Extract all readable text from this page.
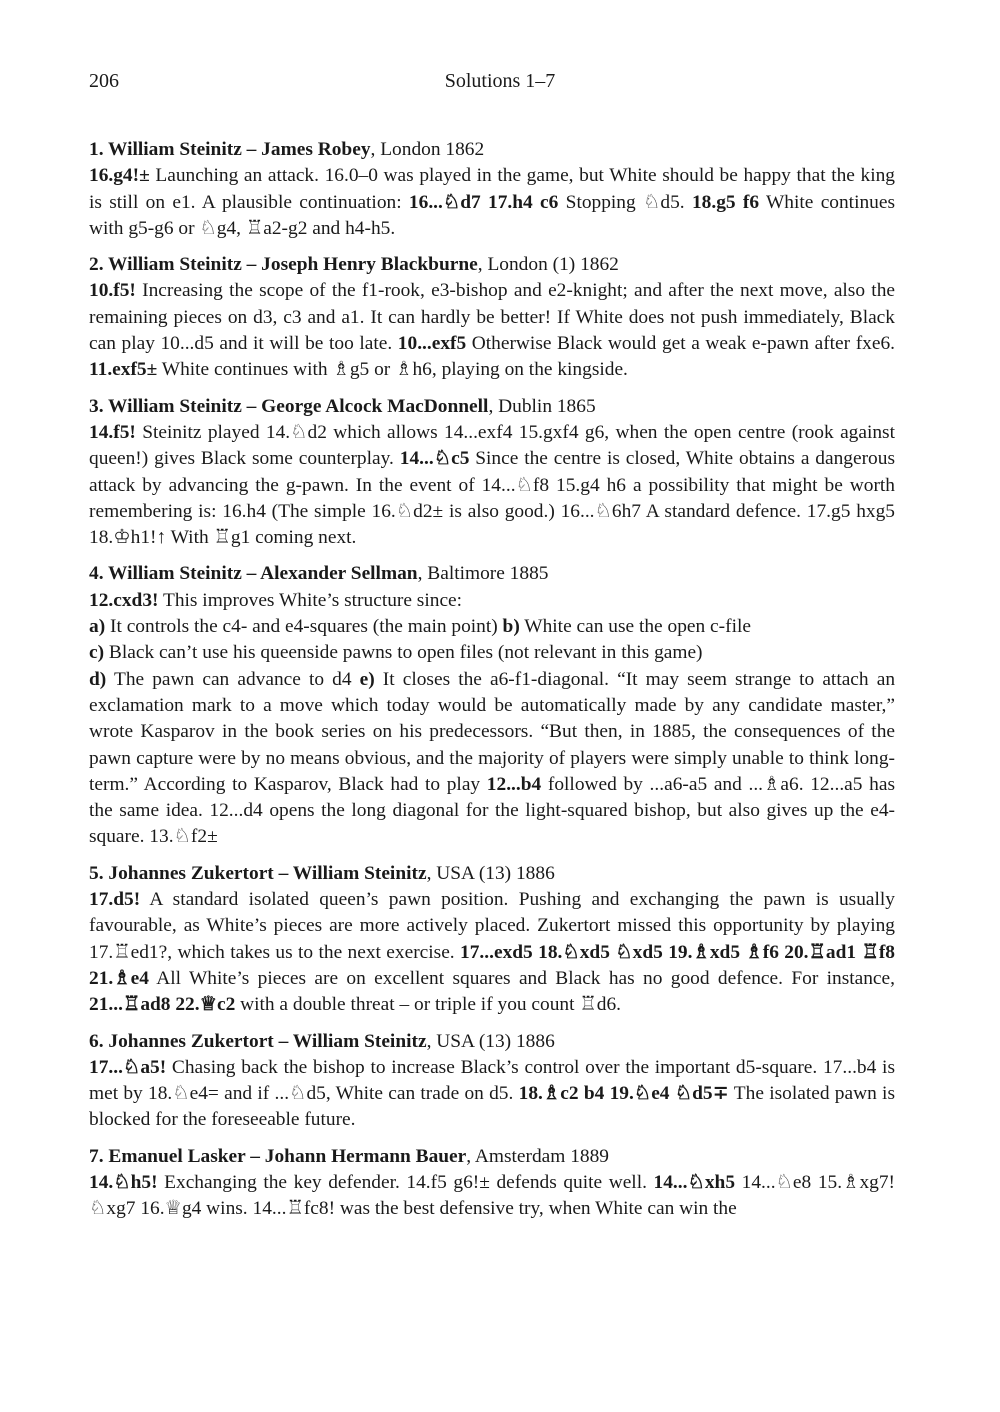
206	Solutions 1–7

1. William Steinitz – James Robey, London 1862

16.g4!± Launching an attack. 16.0–0 was played in the game, but White should be happy that the king is still on e1. A plausible continuation: 16...♘d7 17.h4 c6 Stopping ♘d5. 18.g5 f6 White continues with g5-g6 or ♘g4, ♖a2-g2 and h4-h5.

2. William Steinitz – Joseph Henry Blackburne, London (1) 1862

10.f5! Increasing the scope of the f1-rook, e3-bishop and e2-knight; and after the next move, also the remaining pieces on d3, c3 and a1. It can hardly be better! If White does not push immediately, Black can play 10...d5 and it will be too late. 10...exf5 Otherwise Black would get a weak e-pawn after fxe6. 11.exf5± White continues with ♗g5 or ♗h6, playing on the kingside.

3. William Steinitz – George Alcock MacDonnell, Dublin 1865

14.f5! Steinitz played 14.♘d2 which allows 14...exf4 15.gxf4 g6, when the open centre (rook against queen!) gives Black some counterplay. 14...♘c5 Since the centre is closed, White obtains a dangerous attack by advancing the g-pawn. In the event of 14...♘f8 15.g4 h6 a possibility that might be worth remembering is: 16.h4 (The simple 16.♘d2± is also good.) 16...♘6h7 A standard defence. 17.g5 hxg5 18.♔h1!↑ With ♖g1 coming next.

4. William Steinitz – Alexander Sellman, Baltimore 1885

12.cxd3! This improves White’s structure since:

a) It controls the c4- and e4-squares (the main point) b) White can use the open c-file

c) Black can’t use his queenside pawns to open files (not relevant in this game)

d) The pawn can advance to d4 e) It closes the a6-f1-diagonal. “It may seem strange to attach an exclamation mark to a move which today would be automatically made by any candidate master,” wrote Kasparov in the book series on his predecessors. “But then, in 1885, the consequences of the pawn capture were by no means obvious, and the majority of players were simply unable to think long-term.” According to Kasparov, Black had to play 12...b4 followed by ...a6-a5 and ...♗a6. 12...a5 has the same idea. 12...d4 opens the long diagonal for the light-squared bishop, but also gives up the e4-square. 13.♘f2±

5. Johannes Zukertort – William Steinitz, USA (13) 1886

17.d5! A standard isolated queen’s pawn position. Pushing and exchanging the pawn is usually favourable, as White’s pieces are more actively placed. Zukertort missed this opportunity by playing 17.♖ed1?, which takes us to the next exercise. 17...exd5 18.♘xd5 ♘xd5 19.♗xd5 ♗f6 20.♖ad1 ♖f8 21.♗e4 All White’s pieces are on excellent squares and Black has no good defence. For instance, 21...♖ad8 22.♕c2 with a double threat – or triple if you count ♖d6.

6. Johannes Zukertort – William Steinitz, USA (13) 1886

17...♘a5! Chasing back the bishop to increase Black’s control over the important d5-square. 17...b4 is met by 18.♘e4= and if ...♘d5, White can trade on d5. 18.♗c2 b4 19.♘e4 ♘d5∓ The isolated pawn is blocked for the foreseeable future.

7. Emanuel Lasker – Johann Hermann Bauer, Amsterdam 1889

14.♘h5! Exchanging the key defender. 14.f5 g6!± defends quite well. 14...♘xh5 14...♘e8 15.♗xg7! ♘xg7 16.♕g4 wins. 14...♖fc8! was the best defensive try, when White can win the
